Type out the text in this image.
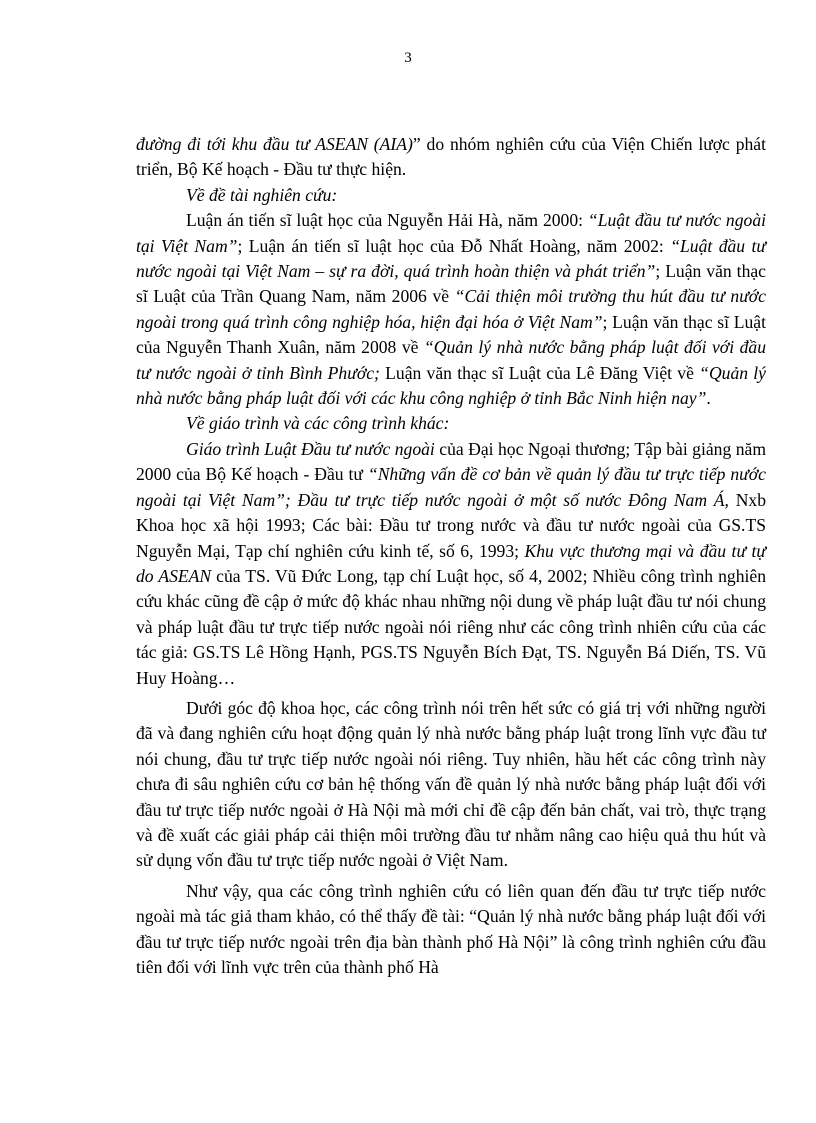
3

đường đi tới khu đầu tư ASEAN (AIA)” do nhóm nghiên cứu của Viện Chiến lược phát triển, Bộ Kế hoạch - Đầu tư thực hiện.

Về đề tài nghiên cứu:

Luận án tiến sĩ luật học của Nguyễn Hải Hà, năm 2000: “Luật đầu tư nước ngoài tại Việt Nam”; Luận án tiến sĩ luật học của Đỗ Nhất Hoàng, năm 2002: “Luật đầu tư nước ngoài tại Việt Nam – sự ra đời, quá trình hoàn thiện và phát triển”; Luận văn thạc sĩ Luật của Trần Quang Nam, năm 2006 về “Cải thiện môi trường thu hút đầu tư nước ngoài trong quá trình công nghiệp hóa, hiện đại hóa ở Việt Nam”; Luận văn thạc sĩ Luật của Nguyễn Thanh Xuân, năm 2008 về “Quản lý nhà nước bằng pháp luật đối với đầu tư nước ngoài ở tỉnh Bình Phước; Luận văn thạc sĩ Luật của Lê Đăng Việt về “Quản lý nhà nước bằng pháp luật đối với các khu công nghiệp ở tỉnh Bắc Ninh hiện nay”.

Về giáo trình và các công trình khác:

Giáo trình Luật Đầu tư nước ngoài của Đại học Ngoại thương; Tập bài giảng năm 2000 của Bộ Kế hoạch - Đầu tư “Những vấn đề cơ bản về quản lý đầu tư trực tiếp nước ngoài tại Việt Nam”; Đầu tư trực tiếp nước ngoài ở một số nước Đông Nam Á, Nxb Khoa học xã hội 1993; Các bài: Đầu tư trong nước và đầu tư nước ngoài của GS.TS Nguyễn Mại, Tạp chí nghiên cứu kinh tế, số 6, 1993; Khu vực thương mại và đầu tư tự do ASEAN của TS. Vũ Đức Long, tạp chí Luật học, số 4, 2002; Nhiều công trình nghiên cứu khác cũng đề cập ở mức độ khác nhau những nội dung về pháp luật đầu tư nói chung và pháp luật đầu tư trực tiếp nước ngoài nói riêng như các công trình nhiên cứu của các tác giả: GS.TS Lê Hồng Hạnh, PGS.TS Nguyễn Bích Đạt, TS. Nguyễn Bá Diến, TS. Vũ Huy Hoàng…

Dưới góc độ khoa học, các công trình nói trên hết sức có giá trị với những người đã và đang nghiên cứu hoạt động quản lý nhà nước bằng pháp luật trong lĩnh vực đầu tư nói chung, đầu tư trực tiếp nước ngoài nói riêng. Tuy nhiên, hầu hết các công trình này chưa đi sâu nghiên cứu cơ bản hệ thống vấn đề quản lý nhà nước bằng pháp luật đối với đầu tư trực tiếp nước ngoài ở Hà Nội mà mới chỉ đề cập đến bản chất, vai trò, thực trạng và đề xuất các giải pháp cải thiện môi trường đầu tư nhằm nâng cao hiệu quả thu hút và sử dụng vốn đầu tư trực tiếp nước ngoài ở Việt Nam.

Như vậy, qua các công trình nghiên cứu có liên quan đến đầu tư trực tiếp nước ngoài mà tác giả tham khảo, có thể thấy đề tài: “Quản lý nhà nước bằng pháp luật đối với đầu tư trực tiếp nước ngoài trên địa bàn thành phố Hà Nội” là công trình nghiên cứu đầu tiên đối với lĩnh vực trên của thành phố Hà
